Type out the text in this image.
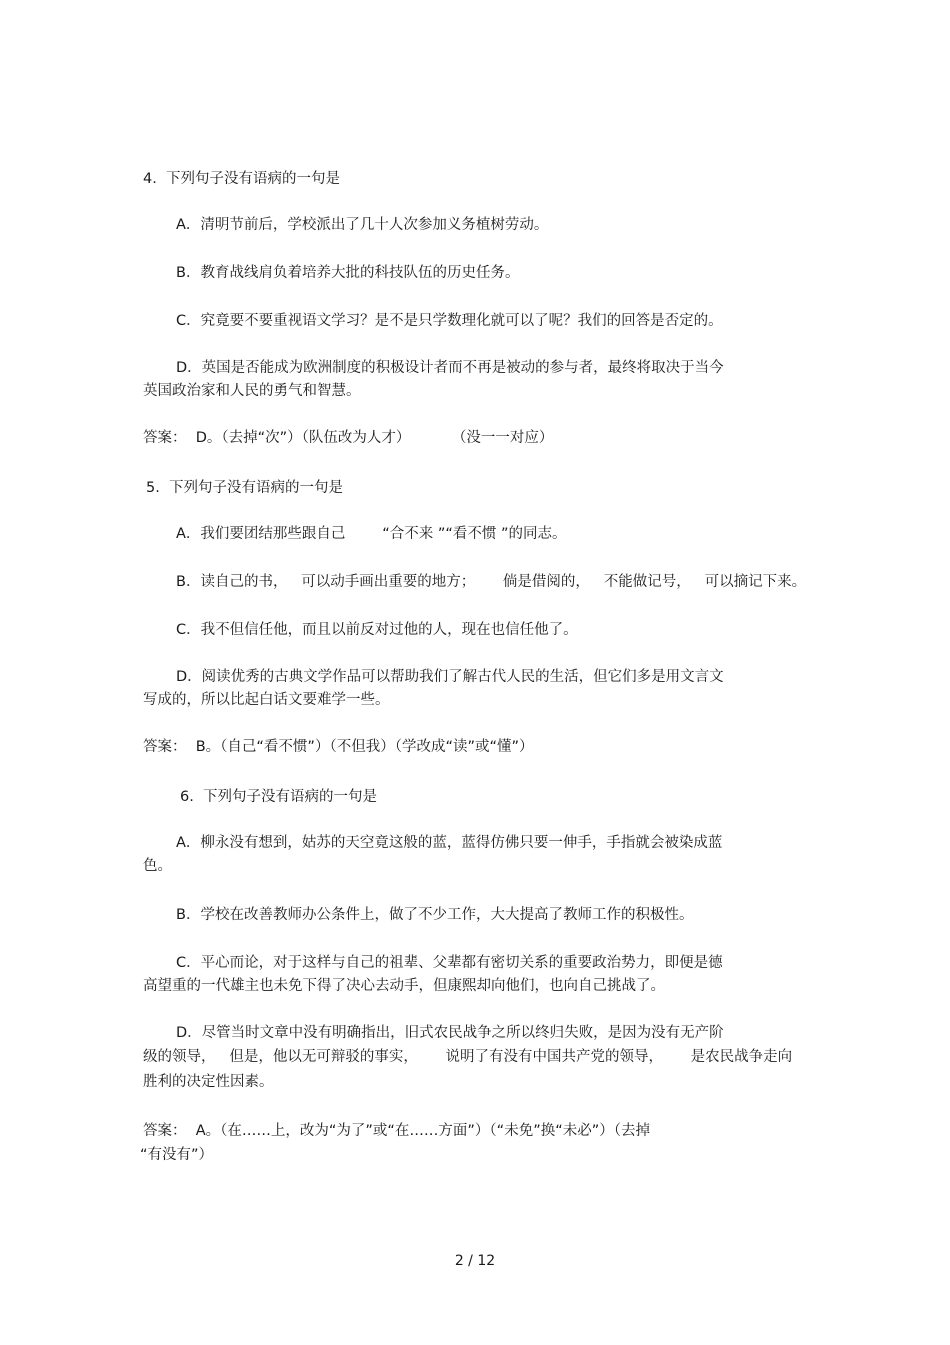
4.  下列句子没有语病的一句是

A．清明节前后，学校派出了几十人次参加义务植树劳动。

B．教育战线肩负着培养大批的科技队伍的历史任务。

C．究竟要不要重视语文学习？是不是只学数理化就可以了呢？我们的回答是否定的。

D．英国是否能成为欧洲制度的积极设计者而不再是被动的参与者，最终将取决于当今

英国政治家和人民的勇气和智慧。

答案：  D。（去掉“次”）（队伍改为人才）         （没一一对应）

5.  下列句子没有语病的一句是

A．我们要团结那些跟自己        “合不来 ”“看不惯 ”的同志。

B．读自己的书，   可以动手画出重要的地方；      倘是借阅的，   不能做记号，   可以摘记下来。

C．我不但信任他，而且以前反对过他的人，现在也信任他了。

D．阅读优秀的古典文学作品可以帮助我们了解古代人民的生活，但它们多是用文言文

写成的，所以比起白话文要难学一些。

答案：  B。（自己“看不惯”）（不但我）（学改成“读”或“懂”）

6.  下列句子没有语病的一句是

A．柳永没有想到，姑苏的天空竟这般的蓝，蓝得仿佛只要一伸手，手指就会被染成蓝

色。

B．学校在改善教师办公条件上，做了不少工作，大大提高了教师工作的积极性。

C．平心而论，对于这样与自己的祖辈、父辈都有密切关系的重要政治势力，即便是德

高望重的一代雄主也未免下得了决心去动手，但康熙却向他们，也向自己挑战了。

D．尽管当时文章中没有明确指出，旧式农民战争之所以终归失败，是因为没有无产阶

级的领导，   但是，他以无可辩驳的事实，      说明了有没有中国共产党的领导，      是农民战争走向

胜利的决定性因素。

答案：  A。（在……上，改为“为了”或“在……方面”）（“未免”换“未必”）（去掉

“有没有”）

2 / 12
